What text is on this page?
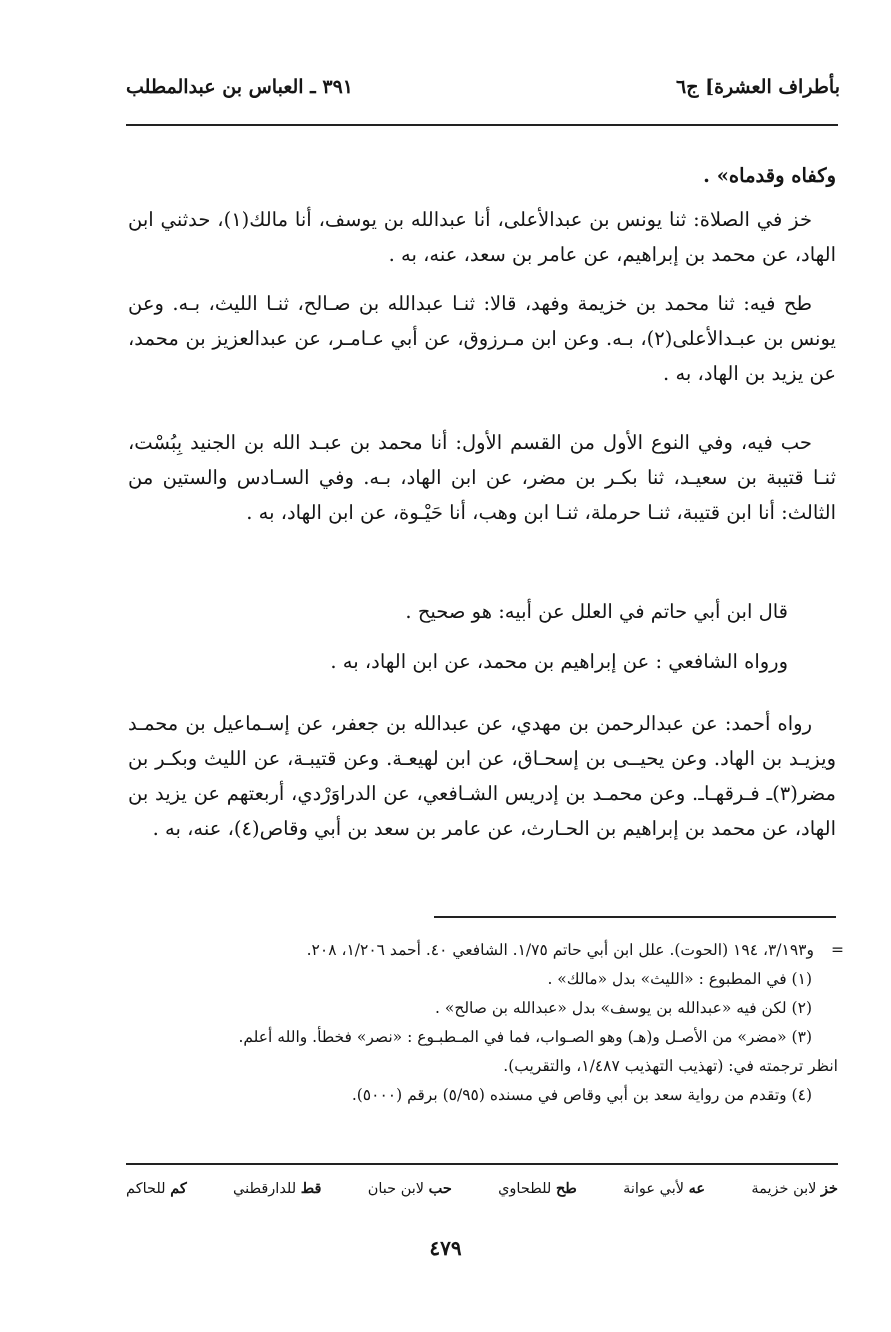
بأطراف العشرة] ج٦
٣٩١ ـ العباس بن عبدالمطلب

وكفاه وقدماه» .

خز في الصلاة: ثنا يونس بن عبدالأعلى، أنا عبدالله بن يوسف، أنا مالك(١)، حدثني ابن الهاد، عن محمد بن إبراهيم، عن عامر بن سعد، عنه، به .

طح فيه: ثنا محمد بن خزيمة وفهد، قالا: ثنـا عبدالله بن صـالح، ثنـا الليث، بـه. وعن يونس بن عبـدالأعلى(٢)، بـه. وعن ابن مـرزوق، عن أبي عـامـر، عن عبدالعزيز بن محمد، عن يزيد بن الهاد، به .

حب فيه، وفي النوع الأول من القسم الأول: أنا محمد بن عبـد الله بن الجنيد بِبُسْت، ثنـا قتيبة بن سعيـد، ثنا بكـر بن مضر، عن ابن الهاد، بـه. وفي السـادس والستين من الثالث: أنا ابن قتيبة، ثنـا حرملة، ثنـا ابن وهب، أنا حَيْـوة، عن ابن الهاد، به .

قال ابن أبي حاتم في العلل عن أبيه: هو صحيح .

ورواه الشافعي : عن إبراهيم بن محمد، عن ابن الهاد، به .

رواه أحمد: عن عبدالرحمن بن مهدي، عن عبدالله بن جعفر، عن إسـماعيل بن محمـد ويزيـد بن الهاد. وعن يحيــى بن إسحـاق، عن ابن لهيعـة. وعن قتيبـة، عن الليث وبكـر بن مضر(٣)ـ فـرقهـاـ. وعن محمـد بن إدريس الشـافعي، عن الدراوَرْدي، أربعتهم عن يزيد بن الهاد، عن محمد بن إبراهيم بن الحـارث، عن عامر بن سعد بن أبي وقاص(٤)، عنه، به .

=

و٣/١٩٣، ١٩٤ (الحوت). علل ابن أبي حاتم ١/٧٥. الشافعي ٤٠. أحمد ١/٢٠٦، ٢٠٨.

(١) في المطبوع : «الليث» بدل «مالك» .

(٢) لكن فيه «عبدالله بن يوسف» بدل «عبدالله بن صالح» .

(٣) «مضر» من الأصـل و(هـ) وهو الصـواب، فما في المـطبـوع : «نصر» فخطأ. والله أعلم.

انظر ترجمته في: (تهذيب التهذيب ١/٤٨٧، والتقريب).

(٤) وتقدم من رواية سعد بن أبي وقاص في مسنده (٥/٩٥) برقم (٥٠٠٠).

خز لابن خزيمة
عه لأبي عوانة
طح للطحاوي
حب لابن حبان
قط للدارقطني
كم للحاكم
٤٧٩
